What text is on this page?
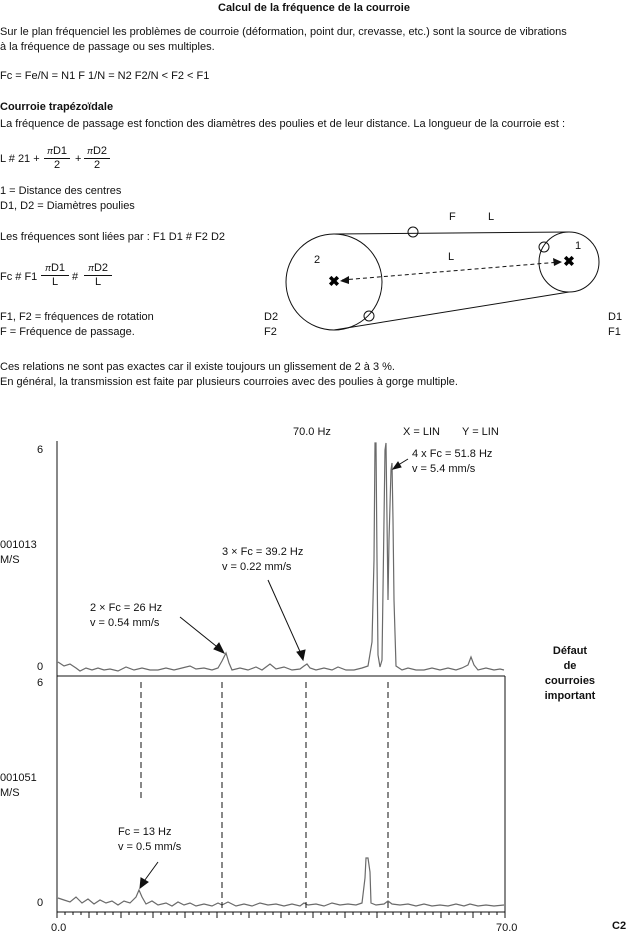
Calcul de la fréquence de la courroie
Sur le plan fréquenciel les problèmes de courroie (déformation, point dur, crevasse, etc.) sont la source de vibrations
à la fréquence de passage ou ses multiples.
Fc = Fe/N = N1 F 1/N = N2 F2/N < F2 < F1
Courroie trapézoïdale
La fréquence de passage est fonction des diamètres des poulies et de leur distance. La longueur de la courroie est :
L # $21 + \frac{\pi D1}{2} + \frac{\pi D2}{2}$
1 = Distance des centres
D1, D2 = Diamètres poulies
Les fréquences sont liées par : F1 D1 # F2 D2
Fc # $F1 \frac{\pi D1}{L}$ # $\frac{\pi D2}{L}$
F1, F2 = fréquences de rotation
F = Fréquence de passage.
✖
✖
F	L
L
2
1
D2
F2
D1
F1
Ces relations ne sont pas exactes car il existe toujours un glissement de 2 à 3 %.
En général, la transmission est faite par plusieurs courroies avec des poulies à gorge multiple.
70.0 Hz	X = LIN Y = LIN
6
0
6
0
001013
M/S
001051
M/S
0.0	70.0
4 x Fc = 51.8 Hz
v = 5.4 mm/s
3 × Fc = 39.2 Hz
v = 0.22 mm/s
2 × Fc = 26 Hz
v = 0.54 mm/s
Fc = 13 Hz
v = 0.5 mm/s
Défaut
de
courroies
important
C2
